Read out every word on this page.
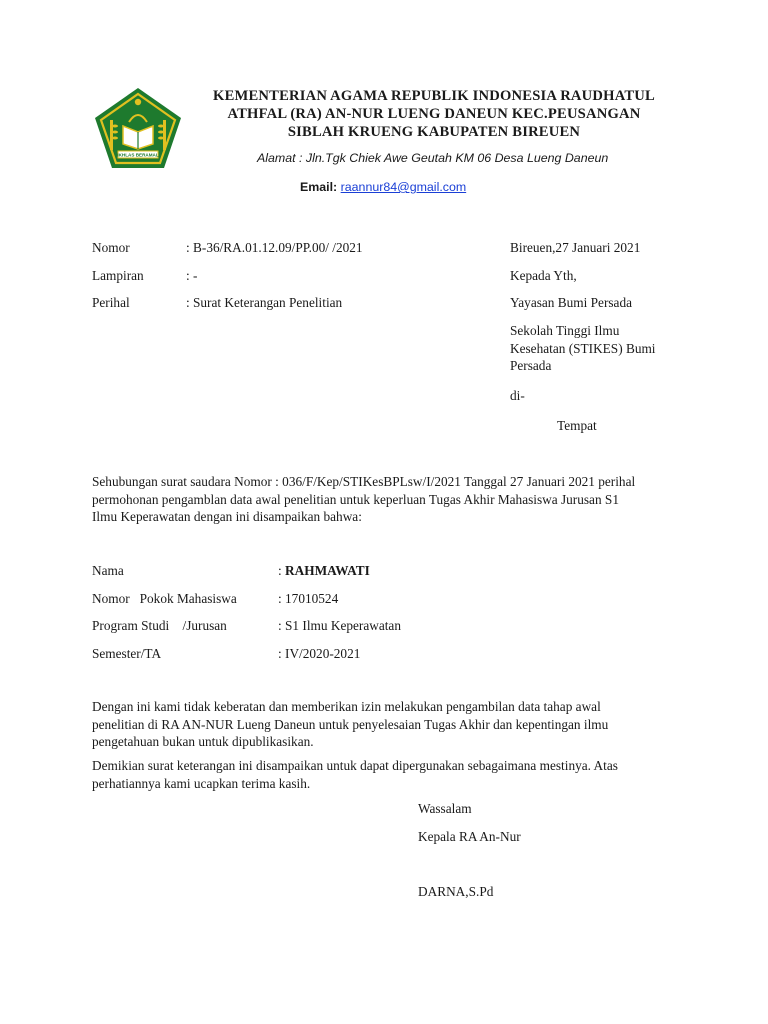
IKHLAS BERAMAL
KEMENTERIAN AGAMA REPUBLIK INDONESIA RAUDHATUL
ATHFAL (RA) AN-NUR LUENG DANEUN KEC.PEUSANGAN
SIBLAH KRUENG KABUPATEN BIREUEN
Alamat : Jln.Tgk Chiek Awe Geutah KM 06 Desa Lueng Daneun
Email: raannur84@gmail.com
Nomor	: B-36/RA.01.12.09/PP.00/ /2021
Lampiran	: -
Perihal	: Surat Keterangan Penelitian
Bireuen,27 Januari 2021
Kepada Yth,
Yayasan Bumi Persada
Sekolah Tinggi Ilmu
Kesehatan (STIKES) Bumi
Persada
di-
Tempat
Sehubungan surat saudara Nomor : 036/F/Kep/STIKesBPLsw/I/2021 Tanggal 27 Januari 2021 perihal
permohonan pengamblan data awal penelitian untuk keperluan Tugas Akhir Mahasiswa Jurusan S1
Ilmu Keperawatan dengan ini disampaikan bahwa:
Nama	: RAHMAWATI
Nomor   Pokok Mahasiswa	: 17010524
Program Studi    /Jurusan	: S1 Ilmu Keperawatan
Semester/TA	: IV/2020-2021
Dengan ini kami tidak keberatan dan memberikan izin melakukan pengambilan data tahap awal
penelitian di RA AN-NUR Lueng Daneun untuk penyelesaian Tugas Akhir dan kepentingan ilmu
pengetahuan bukan untuk dipublikasikan.
Demikian surat keterangan ini disampaikan untuk dapat dipergunakan sebagaimana mestinya. Atas
perhatiannya kami ucapkan terima kasih.
Wassalam
Kepala RA An-Nur
DARNA,S.Pd
